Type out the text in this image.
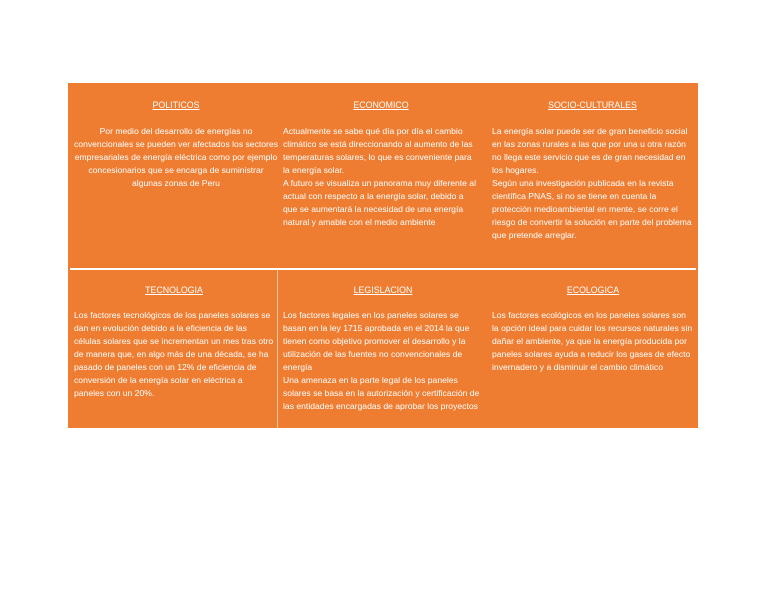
POLITICOS

Por medio del desarrollo de energías no convencionales se pueden ver afectados los sectores empresariales de energía eléctrica como por ejemplo concesionarios que se encarga de suministrar algunas zonas de Peru

ECONOMICO

Actualmente se sabe qué día por día el cambio climático se está direccionando al aumento de las temperaturas solares, lo que es conveniente para la energía solar.
A futuro se visualiza un panorama muy diferente al actual con respecto a la energía solar, debido a que se aumentará la necesidad de una energía natural y amable con el medio ambiente

SOCIO-CULTURALES

La energía solar puede ser de gran beneficio social en las zonas rurales a las que por una u otra razón no llega este servicio que es de gran necesidad en los hogares.
Según una investigación publicada en la revista científica PNAS, si no se tiene en cuenta la protección medioambiental en mente, se corre el riesgo de convertir la solución en parte del problema que pretende arreglar.

TECNOLOGIA

Los factores tecnológicos de los paneles solares se dan en evolución debido a la eficiencia de las células solares que se incrementan un mes tras otro de manera que, en algo más de una década, se ha pasado de paneles con un 12% de eficiencia de conversión de la energía solar en eléctrica a paneles con un 20%.

LEGISLACION

Los factores legales en los paneles solares se basan en la ley 1715 aprobada en el 2014 la que tienen como objetivo promover el desarrollo y la utilización de las fuentes no convencionales de energía
Una amenaza en la parte legal de los paneles solares se basa en la autorización y certificación de las entidades encargadas de aprobar los proyectos

ECOLOGICA

Los factores ecológicos en los paneles solares son la opción ideal para cuidar los recursos naturales sin dañar el ambiente, ya que la energía producida por paneles solares ayuda a reducir los gases de efecto invernadero y a disminuir el cambio climático
